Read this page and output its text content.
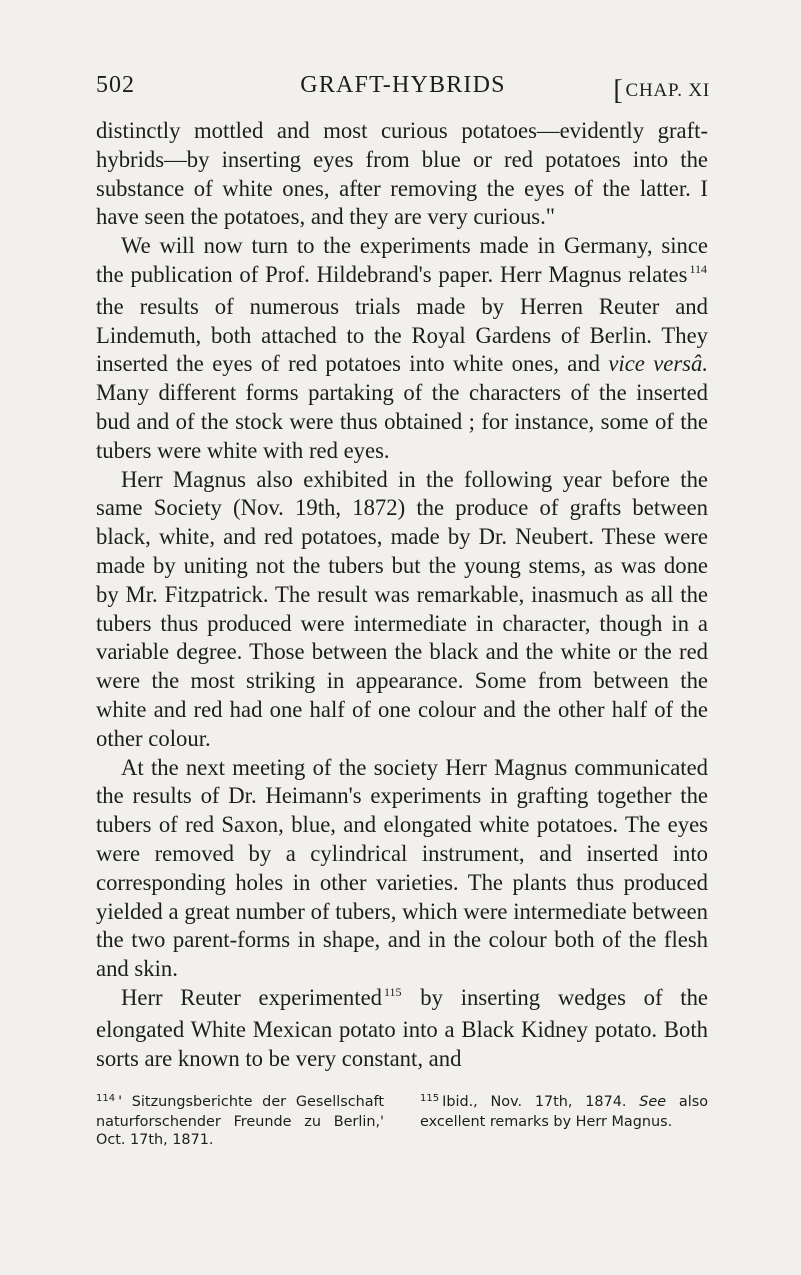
502	GRAFT-HYBRIDS	[ CHAP. XI

distinctly mottled and most curious potatoes—evidently graft-hybrids—by inserting eyes from blue or red potatoes into the substance of white ones, after removing the eyes of the latter. I have seen the potatoes, and they are very curious."

We will now turn to the experiments made in Germany, since the publication of Prof. Hildebrand's paper. Herr Magnus relates $^{114}$ the results of numerous trials made by Herren Reuter and Lindemuth, both attached to the Royal Gardens of Berlin. They inserted the eyes of red potatoes into white ones, and vice versâ. Many different forms partaking of the characters of the inserted bud and of the stock were thus obtained ; for instance, some of the tubers were white with red eyes.

Herr Magnus also exhibited in the following year before the same Society (Nov. 19th, 1872) the produce of grafts between black, white, and red potatoes, made by Dr. Neubert. These were made by uniting not the tubers but the young stems, as was done by Mr. Fitzpatrick. The result was remarkable, inasmuch as all the tubers thus produced were intermediate in character, though in a variable degree. Those between the black and the white or the red were the most striking in appearance. Some from between the white and red had one half of one colour and the other half of the other colour.

At the next meeting of the society Herr Magnus communicated the results of Dr. Heimann's experiments in grafting together the tubers of red Saxon, blue, and elongated white potatoes. The eyes were removed by a cylindrical instrument, and inserted into corresponding holes in other varieties. The plants thus produced yielded a great number of tubers, which were intermediate between the two parent-forms in shape, and in the colour both of the flesh and skin.

Herr Reuter experimented $^{115}$ by inserting wedges of the elongated White Mexican potato into a Black Kidney potato. Both sorts are known to be very constant, and

$^{114}$ ' Sitzungsberichte der Gesellschaft naturforschender Freunde zu Berlin,' Oct. 17th, 1871.
$^{115}$ Ibid., Nov. 17th, 1874. See also excellent remarks by Herr Magnus.
